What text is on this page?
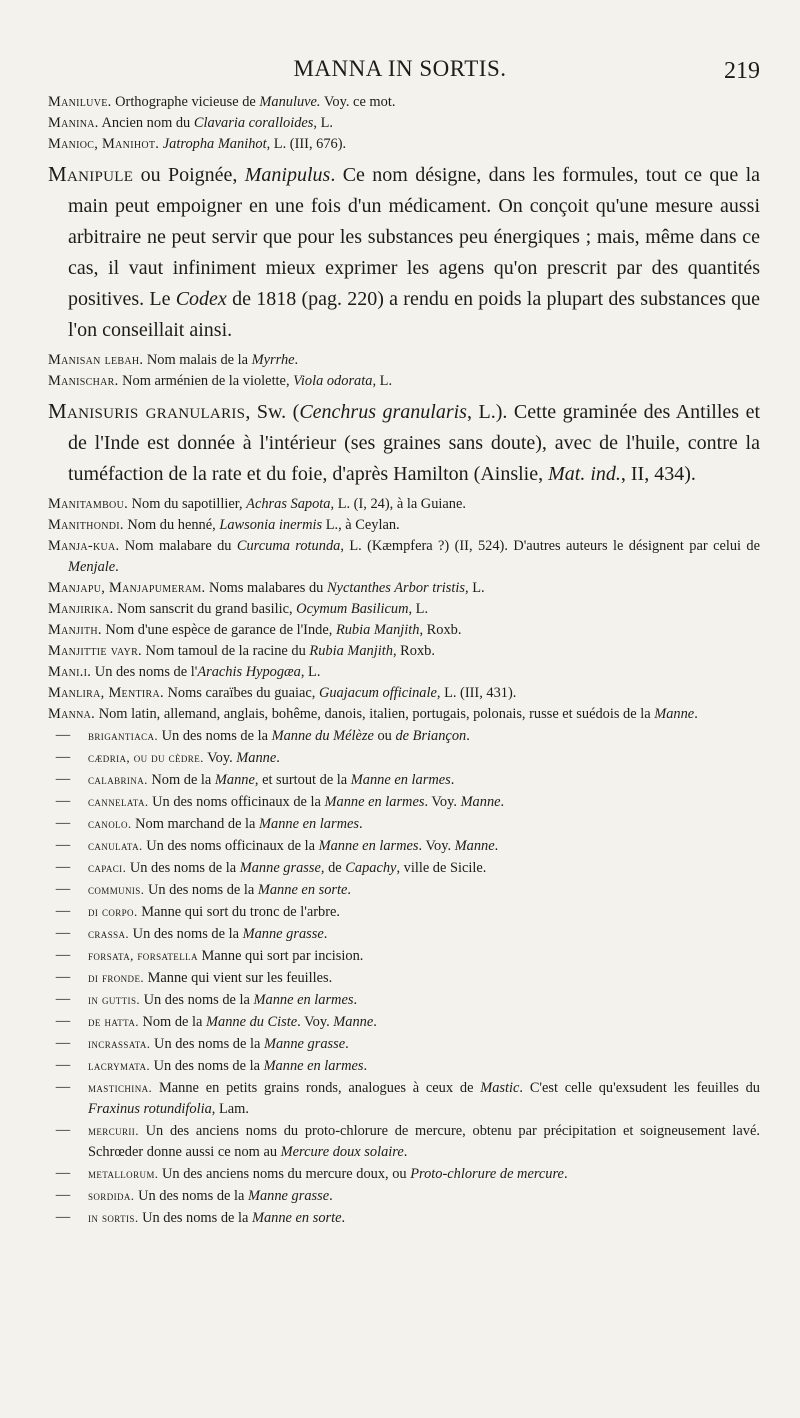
MANNA IN SORTIS.	219
Maniluve. Orthographe vicieuse de Manuluve. Voy. ce mot.
Manina. Ancien nom du Clavaria coralloides, L.
Manioc, Manihot. Jatropha Manihot, L. (III, 676).
Manipule ou Poignée, Manipulus. Ce nom désigne, dans les formules, tout ce que la main peut empoigner en une fois d'un médicament. On conçoit qu'une mesure aussi arbitraire ne peut servir que pour les substances peu énergiques ; mais, même dans ce cas, il vaut infiniment mieux exprimer les agens qu'on prescrit par des quantités positives. Le Codex de 1818 (pag. 220) a rendu en poids la plupart des substances que l'on conseillait ainsi.
Manisan lebah. Nom malais de la Myrrhe.
Manischar. Nom arménien de la violette, Viola odorata, L.
Manisuris granularis, Sw. (Cenchrus granularis, L.). Cette graminée des Antilles et de l'Inde est donnée à l'intérieur (ses graines sans doute), avec de l'huile, contre la tuméfaction de la rate et du foie, d'après Hamilton (Ainslie, Mat. ind., II, 434).
Manitambou. Nom du sapotillier, Achras Sapota, L. (I, 24), à la Guiane.
Manithondi. Nom du henné, Lawsonia inermis L., à Ceylan.
Manja-kua. Nom malabare du Curcuma rotunda, L. (Kæmpfera ?) (II, 524). D'autres auteurs le désignent par celui de Menjale.
Manjapu, Manjapumeram. Noms malabares du Nyctanthes Arbor tristis, L.
Manjirika. Nom sanscrit du grand basilic, Ocymum Basilicum, L.
Manjith. Nom d'une espèce de garance de l'Inde, Rubia Manjith, Roxb.
Manjittie vayr. Nom tamoul de la racine du Rubia Manjith, Roxb.
Mani.i. Un des noms de l'Arachis Hypogæa, L.
Manlira, Mentira. Noms caraïbes du guaiac, Guajacum officinale, L. (III, 431).
Manna. Nom latin, allemand, anglais, bohême, danois, italien, portugais, polonais, russe et suédois de la Manne.
—	brigantiaca. Un des noms de la Manne du Mélèze ou de Briançon.
—	cædria, ou du cèdre. Voy. Manne.
—	calabrina. Nom de la Manne, et surtout de la Manne en larmes.
—	cannelata. Un des noms officinaux de la Manne en larmes. Voy. Manne.
—	canolo. Nom marchand de la Manne en larmes.
—	canulata. Un des noms officinaux de la Manne en larmes. Voy. Manne.
—	capaci. Un des noms de la Manne grasse, de Capachy, ville de Sicile.
—	communis. Un des noms de la Manne en sorte.
—	di corpo. Manne qui sort du tronc de l'arbre.
—	crassa. Un des noms de la Manne grasse.
—	forsata, forsatella Manne qui sort par incision.
—	di fronde. Manne qui vient sur les feuilles.
—	in guttis. Un des noms de la Manne en larmes.
—	de hatta. Nom de la Manne du Ciste. Voy. Manne.
—	incrassata. Un des noms de la Manne grasse.
—	lacrymata. Un des noms de la Manne en larmes.
—	mastichina. Manne en petits grains ronds, analogues à ceux de Mastic. C'est celle qu'exsudent les feuilles du Fraxinus rotundifolia, Lam.
—	mercurii. Un des anciens noms du proto-chlorure de mercure, obtenu par précipitation et soigneusement lavé. Schrœder donne aussi ce nom au Mercure doux solaire.
—	metallorum. Un des anciens noms du mercure doux, ou Proto-chlorure de mercure.
—	sordida. Un des noms de la Manne grasse.
—	in sortis. Un des noms de la Manne en sorte.
